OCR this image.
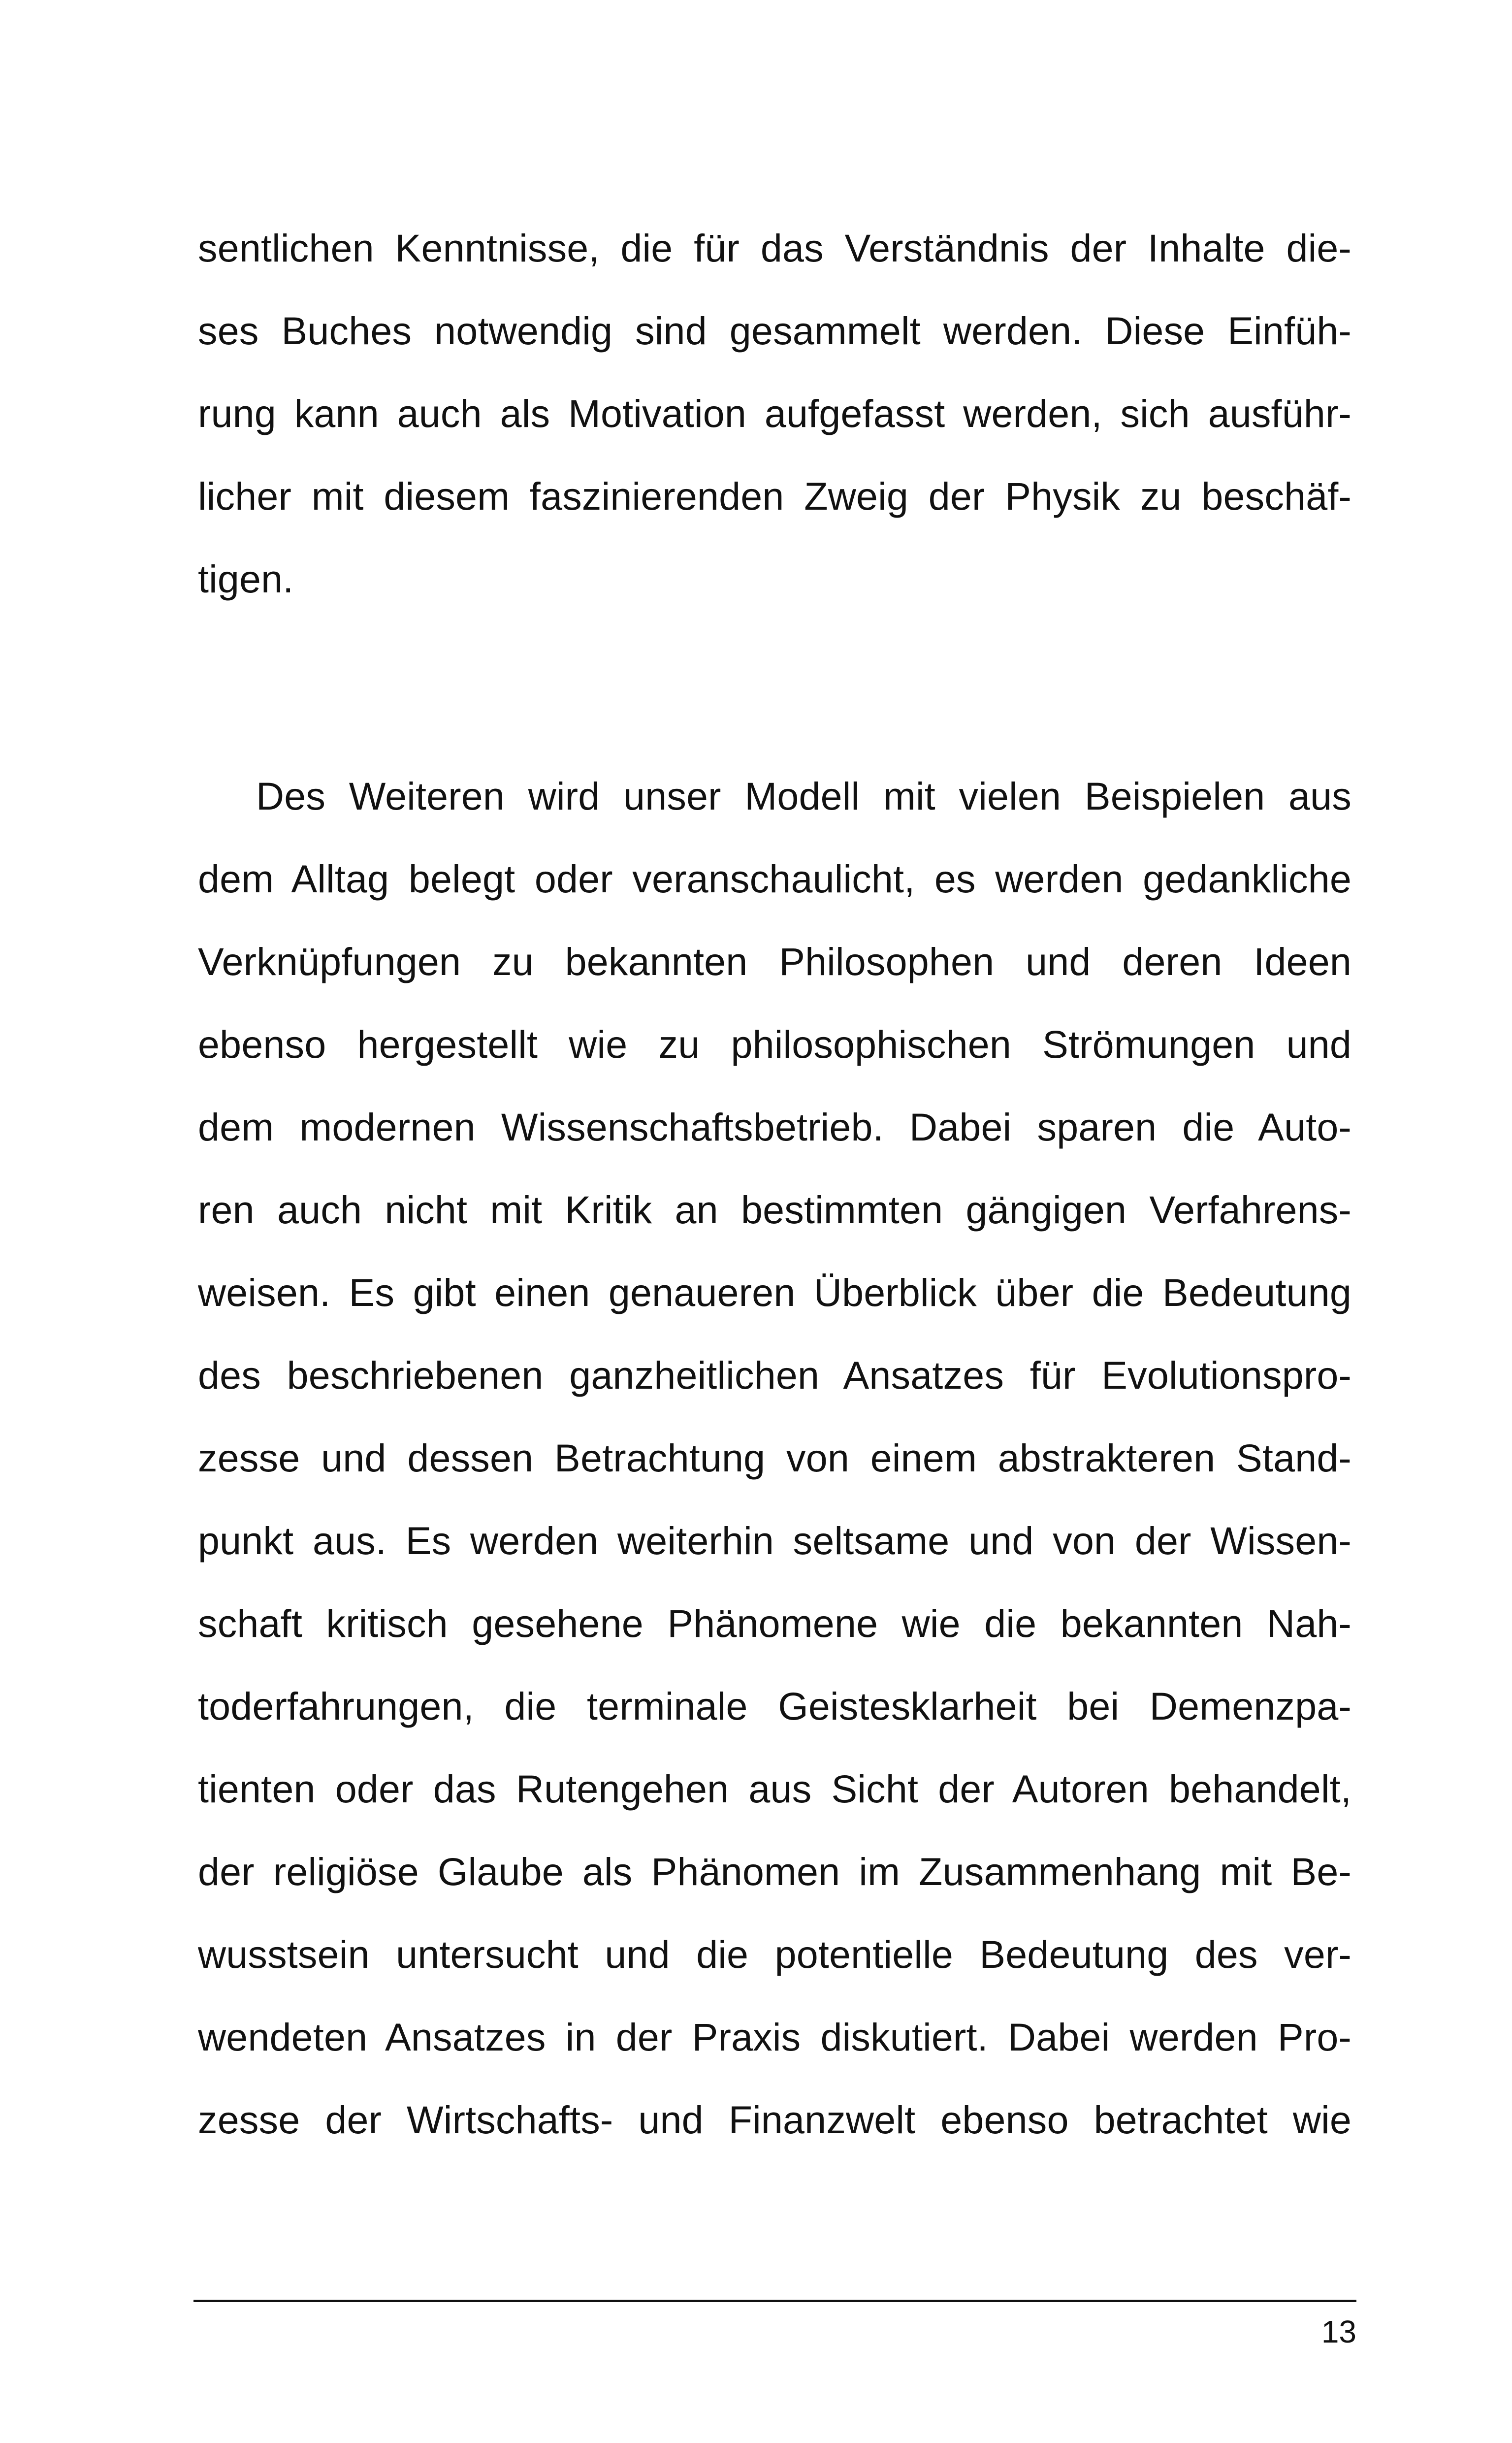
sentlichen Kenntnisse, die für das Verständnis der Inhalte die-
ses Buches notwendig sind gesammelt werden. Diese Einfüh-
rung kann auch als Motivation aufgefasst werden, sich ausführ-
licher mit diesem faszinierenden Zweig der Physik zu beschäf-
tigen.

Des Weiteren wird unser Modell mit vielen Beispielen aus
dem Alltag belegt oder veranschaulicht, es werden gedankliche
Verknüpfungen zu bekannten Philosophen und deren Ideen
ebenso hergestellt wie zu philosophischen Strömungen und
dem modernen Wissenschaftsbetrieb. Dabei sparen die Auto-
ren auch nicht mit Kritik an bestimmten gängigen Verfahrens-
weisen. Es gibt einen genaueren Überblick über die Bedeutung
des beschriebenen ganzheitlichen Ansatzes für Evolutionspro-
zesse und dessen Betrachtung von einem abstrakteren Stand-
punkt aus. Es werden weiterhin seltsame und von der Wissen-
schaft kritisch gesehene Phänomene wie die bekannten Nah-
toderfahrungen, die terminale Geistesklarheit bei Demenzpa-
tienten oder das Rutengehen aus Sicht der Autoren behandelt,
der religiöse Glaube als Phänomen im Zusammenhang mit Be-
wusstsein untersucht und die potentielle Bedeutung des ver-
wendeten Ansatzes in der Praxis diskutiert. Dabei werden Pro-
zesse der Wirtschafts- und Finanzwelt ebenso betrachtet wie

13
